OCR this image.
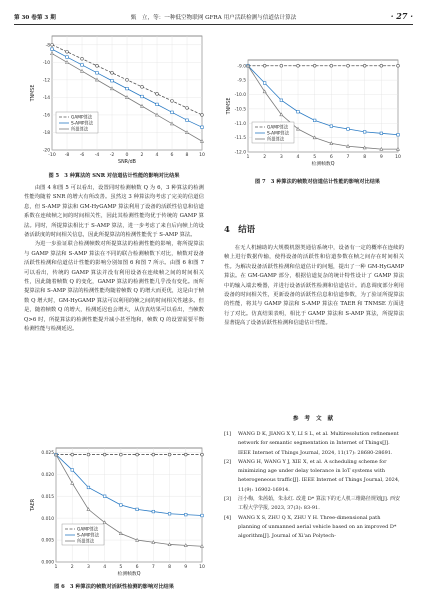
第 30 卷第 3 期	甄　立，等：一种低空物联网 GFRA 用户活跃检测与信道估计算法	· 27 ·
-10 -8 -6 -4 -2 0	2	4	6	8 10
-20
-18
-16
-14
-12
-10
-8
SNR/dB
TNMSE
GAMP算法
S-AMP算法
所提算法
图 5　3 种算法的 SNR 对信道估计性能的影响对比结果

由图 4 和图 5 可以看出，设置同时检测帧数 Q 为 6，3 种算法的检测性能均随着 SNR 的增大有所改善。虽然这 3 种算法均考虑了完美的信道信息，但 S-AMP 算法和 GM-HyGAMP 算法利用了设备的活跃性信息和信道系数在连续帧之间的时间相关性，因此其检测性能均优于传统的 GAMP 算法。同时，所提算法相比于 S-AMP 算法，进一步考虑了来自后向帧上的设备活跃度的时间相关信息，因此所提算法的检测性能优于 S-AMP 算法。

为进一步验证联合检测帧数对所提算法的检测性能的影响，将所提算法与 GAMP 算法和 S-AMP 算法在不同的联合检测帧数下对比，帧数对设备活跃性检测和信道估计性能的影响分别如图 6 和图 7 所示。由图 6 和图 7 可以看出，传统的 GAMP 算法并没有利用设备在连续帧之间的时间相关性，因此随着帧数 Q 的变化，GAMP 算法的检测性能几乎没有变化。而所提算法和 S-AMP 算法的检测性能均随着帧数 Q 的增大而更优，这是由于帧数 Q 增大时，GM-HyGAMP 算法可以利用的帧之间的时间相关性越多。但是，随着帧数 Q 的增大，检测延迟也会增大，从仿真结果可以看出，当帧数 Q>6 时，所提算法的检测性能提升减小甚至饱和，帧数 Q 的设置需要平衡检测性能与检测延迟。

1	2	3	4	5	6	7	8	9	10
0.000
0.005
0.010
0.015
0.020
0.025
检测帧数Q
TAER
GAMP算法
S-AMP算法
所提算法
图 6　3 种算法的帧数对活跃性检测的影响对比结果
1	2	3	4	5	6	7	8	9	10
-12.0
-11.5
-11.0
-10.5
-10.0
-9.5
-9.0
检测帧数Q
TNMSE
GAMP算法
S-AMP算法
所提算法
图 7　3 种算法的帧数对信道估计性能的影响对比结果
4　结语

在无人机辅助的大规模机器类通信系统中，设备有一定的概率在连续的帧上进行数据传输，使得设备的活跃性和信道参数在帧之间存在时间相关性。为解决设备活跃性检测和信道估计的问题，提出了一种 GM-HyGAMP 算法。在 GM-GAMP 部分，根据信道复杂的统计特性设计了 GAMP 算法中的输入端去噪器，并进行设备活跃性检测和信道估计。消息调度部分利用设备的时间相关性，更新设备的活跃性信息和信道参数，为了验证所提算法的性能，将其与 GAMP 算法和 S-AMP 算法在 TAER 和 TNMSE 方面进行了对比。仿真结果表明，相比于 GAMP 算法和 S-AMP 算法，所提算法显著提高了设备活跃性检测和信道估计性能。

参 考 文 献
[1] WANG D K, JIANG X Y, LI S L, et al. Multiresolution refinement network for semantic segmentation in Internet of Things[J]. IEEE Internet of Things Journal, 2024, 11(17): 28680-28691.
[2] WANG H, WANG Y J, XIE X, et al. A scheduling scheme for minimizing age under delay tolerance in IoT systems with heterogeneous traffic[J]. IEEE Internet of Things Journal, 2024, 11(9): 16902-16914.
[3] 汪小梅，朱茜茹，朱永红. 改进 D* 算法下的无人机三维路径规划[J]. 西安工程大学学报, 2023, 37(3): 83-91.
[4] WANG X S, ZHU Q X, ZHU Y H. Three-dimensional path planning of unmanned aerial vehicle based on an improved D* algorithm[J]. Journal of Xi'an Polytech-
